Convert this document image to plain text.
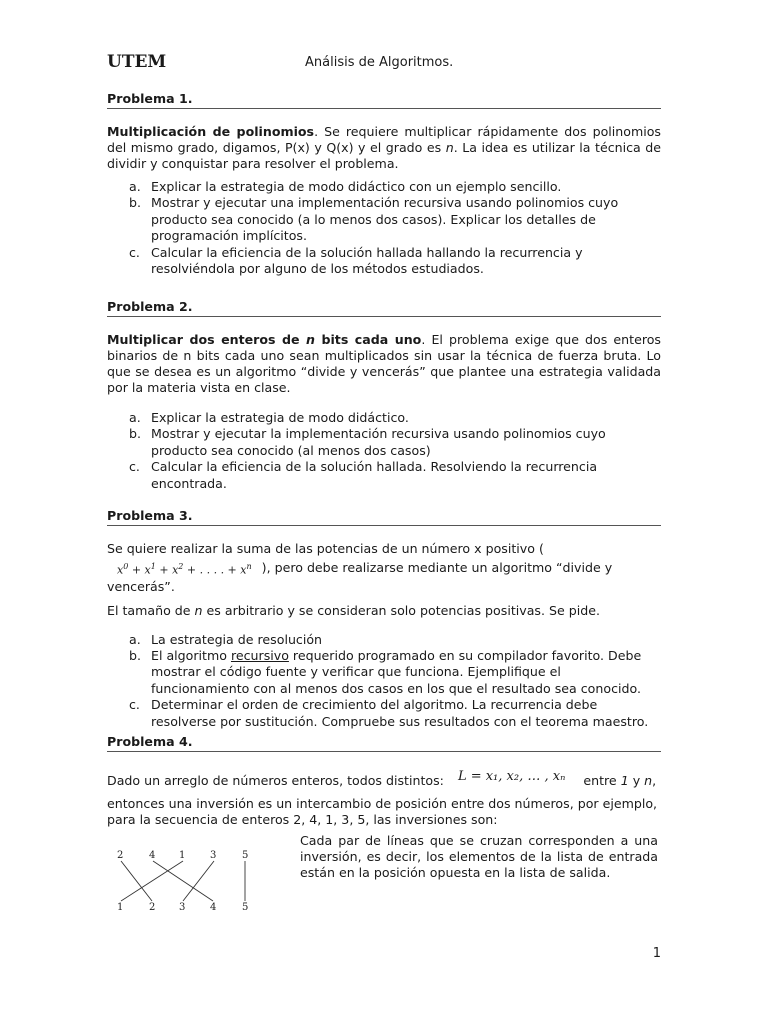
UTEM	Análisis de Algoritmos.
Problema 1.

Multiplicación de polinomios. Se requiere multiplicar rápidamente dos polinomios del mismo grado, digamos, P(x) y Q(x) y el grado es n. La idea es utilizar la técnica de dividir y conquistar para resolver el problema.

a. Explicar la estrategia de modo didáctico con un ejemplo sencillo.
b. Mostrar y ejecutar una implementación recursiva usando polinomios cuyo producto sea conocido (a lo menos dos casos). Explicar los detalles de programación implícitos.
c. Calcular la eficiencia de la solución hallada hallando la recurrencia y resolviéndola por alguno de los métodos estudiados.
Problema 2.

Multiplicar dos enteros de n bits cada uno. El problema exige que dos enteros binarios de n bits cada uno sean multiplicados sin usar la técnica de fuerza bruta. Lo que se desea es un algoritmo “divide y vencerás” que plantee una estrategia validada por la materia vista en clase.

a. Explicar la estrategia de modo didáctico.
b. Mostrar y ejecutar la implementación recursiva usando polinomios cuyo producto sea conocido (al menos dos casos)
c. Calcular la eficiencia de la solución hallada. Resolviendo la recurrencia encontrada.
Problema 3.

Se quiere realizar la suma de las potencias de un número x positivo (

$x^0 + x^1 + x^2$ + . . . . + $x^n$ ), pero debe realizarse mediante un algoritmo “divide y vencerás”.

El tamaño de n es arbitrario y se consideran solo potencias positivas. Se pide.

a. La estrategia de resolución
b. El algoritmo recursivo requerido programado en su compilador favorito. Debe mostrar el código fuente y verificar que funciona. Ejemplifique el funcionamiento con al menos dos casos en los que el resultado sea conocido.
c. Determinar el orden de crecimiento del algoritmo. La recurrencia debe resolverse por sustitución. Compruebe sus resultados con el teorema maestro.
Problema 4.

Dado un arreglo de números enteros, todos distintos: L = x₁, x₂, … , xₙ entre 1 y n,

entonces una inversión es un intercambio de posición entre dos números, por ejemplo, para la secuencia de enteros 2, 4, 1, 3, 5, las inversiones son:

2	4 1 3	5
1	2 3 4	5

Cada par de líneas que se cruzan corresponden a una inversión, es decir, los elementos de la lista de entrada están en la posición opuesta en la lista de salida.

1
